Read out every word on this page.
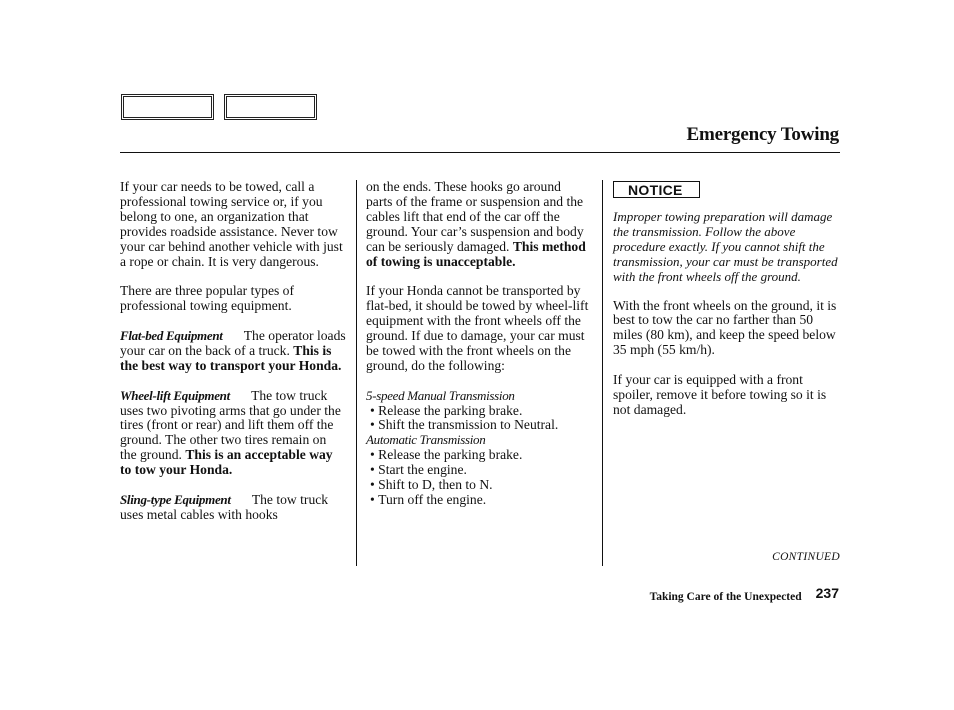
Emergency Towing

If your car needs to be towed, call a professional towing service or, if you belong to one, an organization that provides roadside assistance. Never tow your car behind another vehicle with just a rope or chain. It is very dangerous.

There are three popular types of professional towing equipment.

Flat-bed Equipment The operator loads your car on the back of a truck. This is the best way to transport your Honda.

Wheel-lift Equipment The tow truck uses two pivoting arms that go under the tires (front or rear) and lift them off the ground. The other two tires remain on the ground. This is an acceptable way to tow your Honda.

Sling-type Equipment The tow truck uses metal cables with hooks

on the ends. These hooks go around parts of the frame or suspension and the cables lift that end of the car off the ground. Your car’s suspension and body can be seriously damaged. This method of towing is unacceptable.

If your Honda cannot be transported by flat-bed, it should be towed by wheel-lift equipment with the front wheels off the ground. If due to damage, your car must be towed with the front wheels on the ground, do the following:

5-speed Manual Transmission
• Release the parking brake.
• Shift the transmission to Neutral.
Automatic Transmission
• Release the parking brake.
• Start the engine.
• Shift to D, then to N.
• Turn off the engine.
NOTICE
Improper towing preparation will damage the transmission. Follow the above procedure exactly. If you cannot shift the transmission, your car must be transported with the front wheels off the ground.

With the front wheels on the ground, it is best to tow the car no farther than 50 miles (80 km), and keep the speed below 35 mph (55 km/h).

If your car is equipped with a front spoiler, remove it before towing so it is not damaged.

CONTINUED
Taking Care of the Unexpected 237
